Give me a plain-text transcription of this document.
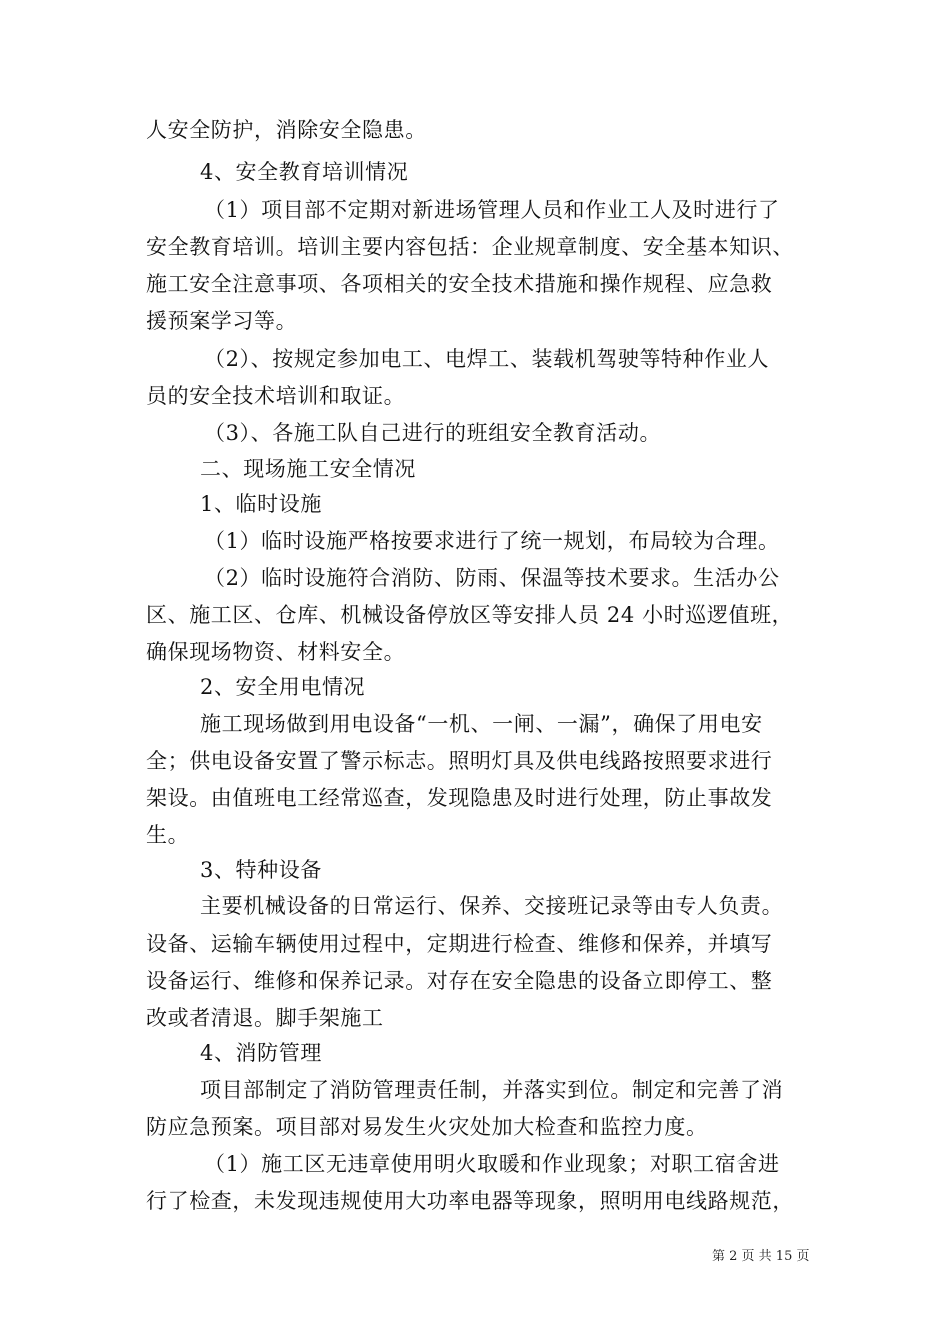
人安全防护，消除安全隐患。
4、安全教育培训情况
（1）项目部不定期对新进场管理人员和作业工人及时进行了
安全教育培训。培训主要内容包括：企业规章制度、安全基本知识、
施工安全注意事项、各项相关的安全技术措施和操作规程、应急救
援预案学习等。
（2）、按规定参加电工、电焊工、装载机驾驶等特种作业人
员的安全技术培训和取证。
（3）、各施工队自己进行的班组安全教育活动。
二、现场施工安全情况
1、临时设施
（1）临时设施严格按要求进行了统一规划，布局较为合理。
（2）临时设施符合消防、防雨、保温等技术要求。生活办公
区、施工区、仓库、机械设备停放区等安排人员 24 小时巡逻值班，
确保现场物资、材料安全。
2、安全用电情况
施工现场做到用电设备“一机、一闸、一漏”，确保了用电安
全；供电设备安置了警示标志。照明灯具及供电线路按照要求进行
架设。由值班电工经常巡查，发现隐患及时进行处理，防止事故发
生。
3、特种设备
主要机械设备的日常运行、保养、交接班记录等由专人负责。
设备、运输车辆使用过程中，定期进行检查、维修和保养，并填写
设备运行、维修和保养记录。对存在安全隐患的设备立即停工、整
改或者清退。脚手架施工
4、消防管理
项目部制定了消防管理责任制，并落实到位。制定和完善了消
防应急预案。项目部对易发生火灾处加大检查和监控力度。
（1）施工区无违章使用明火取暖和作业现象；对职工宿舍进
行了检查，未发现违规使用大功率电器等现象，照明用电线路规范，
第 2 页 共 15 页
